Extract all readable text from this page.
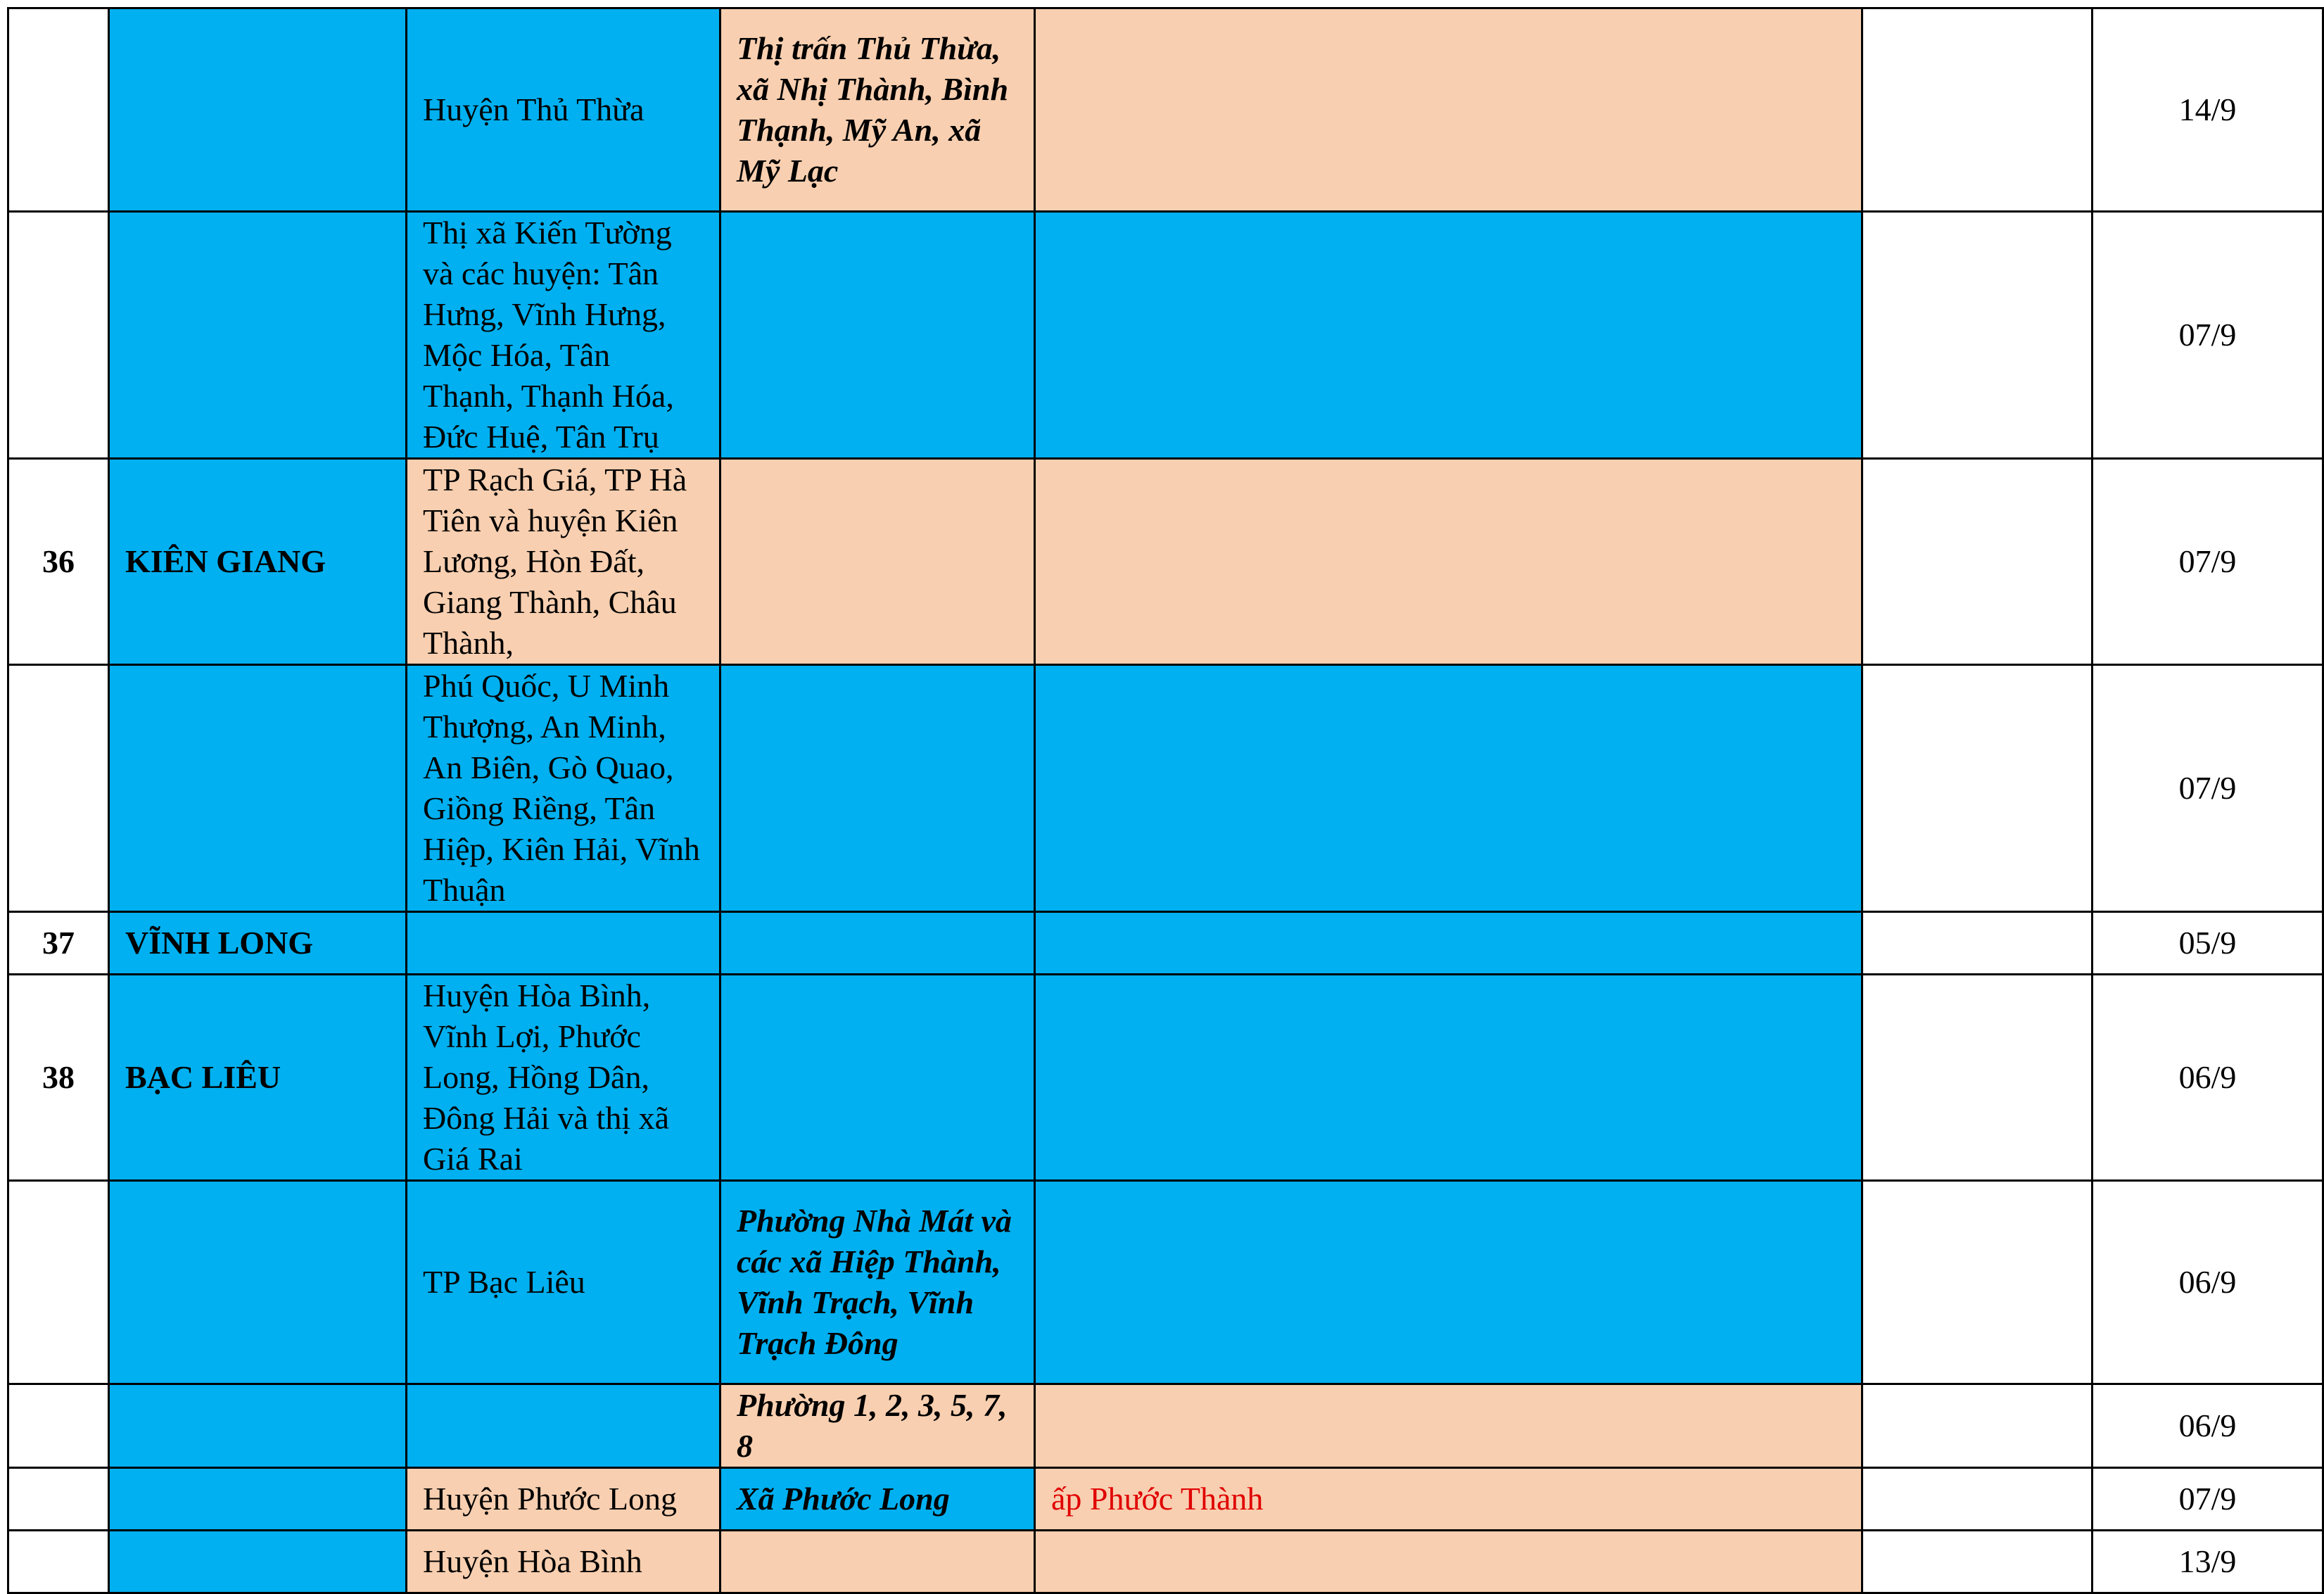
		Huyện Thủ Thừa	Thị trấn Thủ Thừa, xã Nhị Thành, Bình Thạnh, Mỹ An, xã Mỹ Lạc			14/9
		Thị xã Kiến Tường và các huyện: Tân Hưng, Vĩnh Hưng, Mộc Hóa, Tân Thạnh, Thạnh Hóa, Đức Huệ, Tân Trụ				07/9
36	KIÊN GIANG	TP Rạch Giá, TP Hà Tiên và huyện Kiên Lương, Hòn Đất, Giang Thành, Châu Thành,				07/9
		Phú Quốc, U Minh Thượng, An Minh, An Biên, Gò Quao, Giồng Riềng, Tân Hiệp, Kiên Hải, Vĩnh Thuận				07/9
37	VĨNH LONG					05/9
38	BẠC LIÊU	Huyện Hòa Bình, Vĩnh Lợi, Phước Long, Hồng Dân, Đông Hải và thị xã Giá Rai				06/9
		TP Bạc Liêu	Phường Nhà Mát và các xã Hiệp Thành, Vĩnh Trạch, Vĩnh Trạch Đông			06/9
			Phường 1, 2, 3, 5, 7, 8			06/9
		Huyện Phước Long	Xã Phước Long	ấp Phước Thành		07/9
		Huyện Hòa Bình				13/9
